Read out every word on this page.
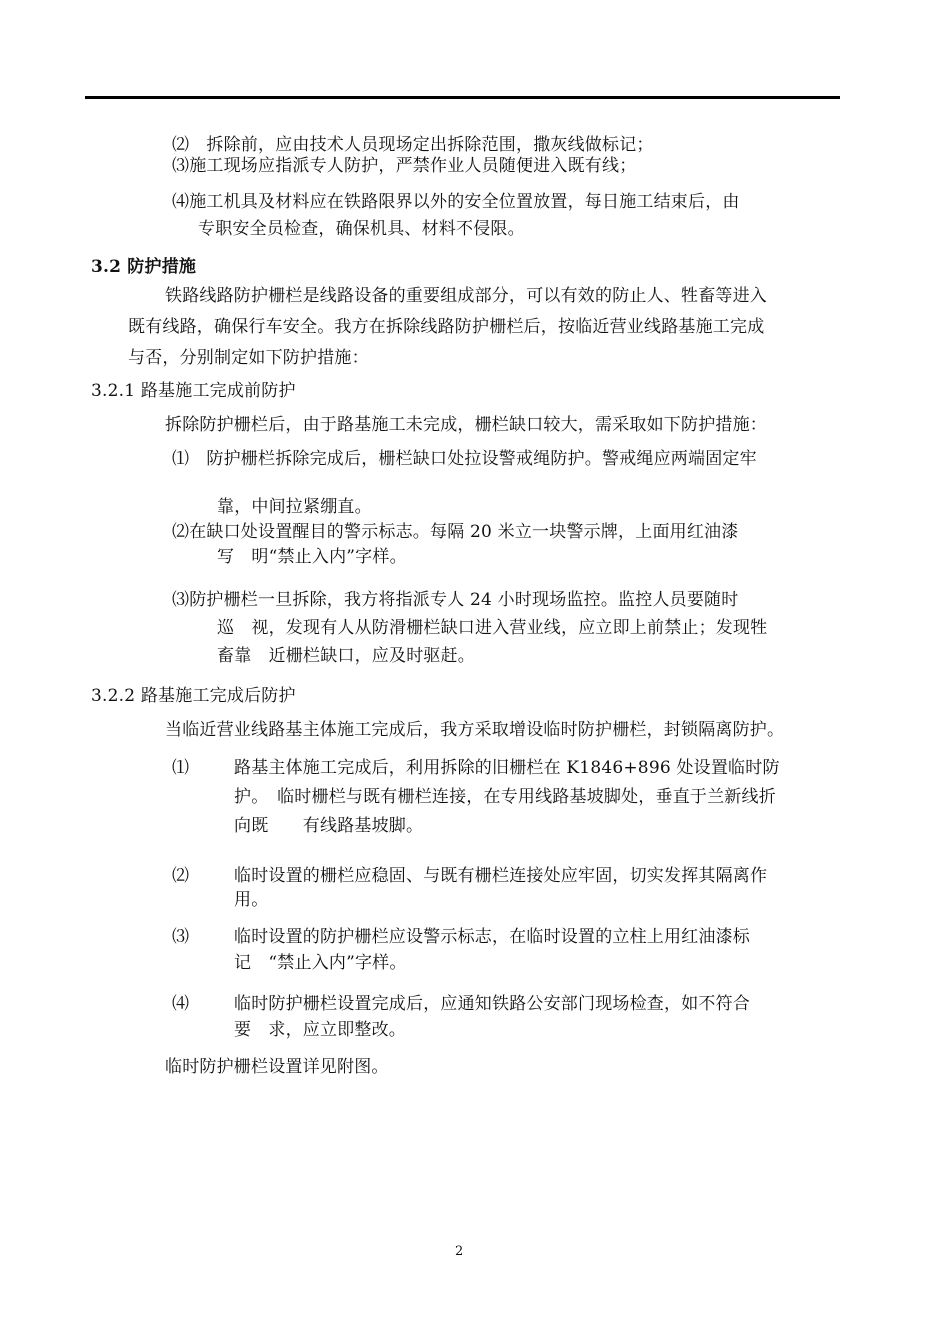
⑵　拆除前，应由技术人员现场定出拆除范围，撒灰线做标记；
⑶施工现场应指派专人防护，严禁作业人员随便进入既有线；
⑷施工机具及材料应在铁路限界以外的安全位置放置，每日施工结束后，由
专职安全员检查，确保机具、材料不侵限。
3.2 防护措施
铁路线路防护栅栏是线路设备的重要组成部分，可以有效的防止人、牲畜等进入
既有线路，确保行车安全。我方在拆除线路防护栅栏后，按临近营业线路基施工完成
与否，分别制定如下防护措施：
3.2.1 路基施工完成前防护
拆除防护栅栏后，由于路基施工未完成，栅栏缺口较大，需采取如下防护措施：
⑴　防护栅栏拆除完成后，栅栏缺口处拉设警戒绳防护。警戒绳应两端固定牢
靠，中间拉紧绷直。
⑵在缺口处设置醒目的警示标志。每隔 20 米立一块警示牌，上面用红油漆
写　明“禁止入内”字样。
⑶防护栅栏一旦拆除，我方将指派专人 24 小时现场监控。监控人员要随时
巡　视，发现有人从防滑栅栏缺口进入营业线，应立即上前禁止；发现牲
畜靠　近栅栏缺口，应及时驱赶。
3.2.2 路基施工完成后防护
当临近营业线路基主体施工完成后，我方采取增设临时防护栅栏，封锁隔离防护。
⑴	路基主体施工完成后，利用拆除的旧栅栏在 K1846+896 处设置临时防
护。　临时栅栏与既有栅栏连接，在专用线路基坡脚处，垂直于兰新线折
向既　　有线路基坡脚。
⑵	临时设置的栅栏应稳固、与既有栅栏连接处应牢固，切实发挥其隔离作
用。
⑶	临时设置的防护栅栏应设警示标志，在临时设置的立柱上用红油漆标
记　“禁止入内”字样。
⑷	临时防护栅栏设置完成后，应通知铁路公安部门现场检查，如不符合
要　求，应立即整改。
临时防护栅栏设置详见附图。
2
